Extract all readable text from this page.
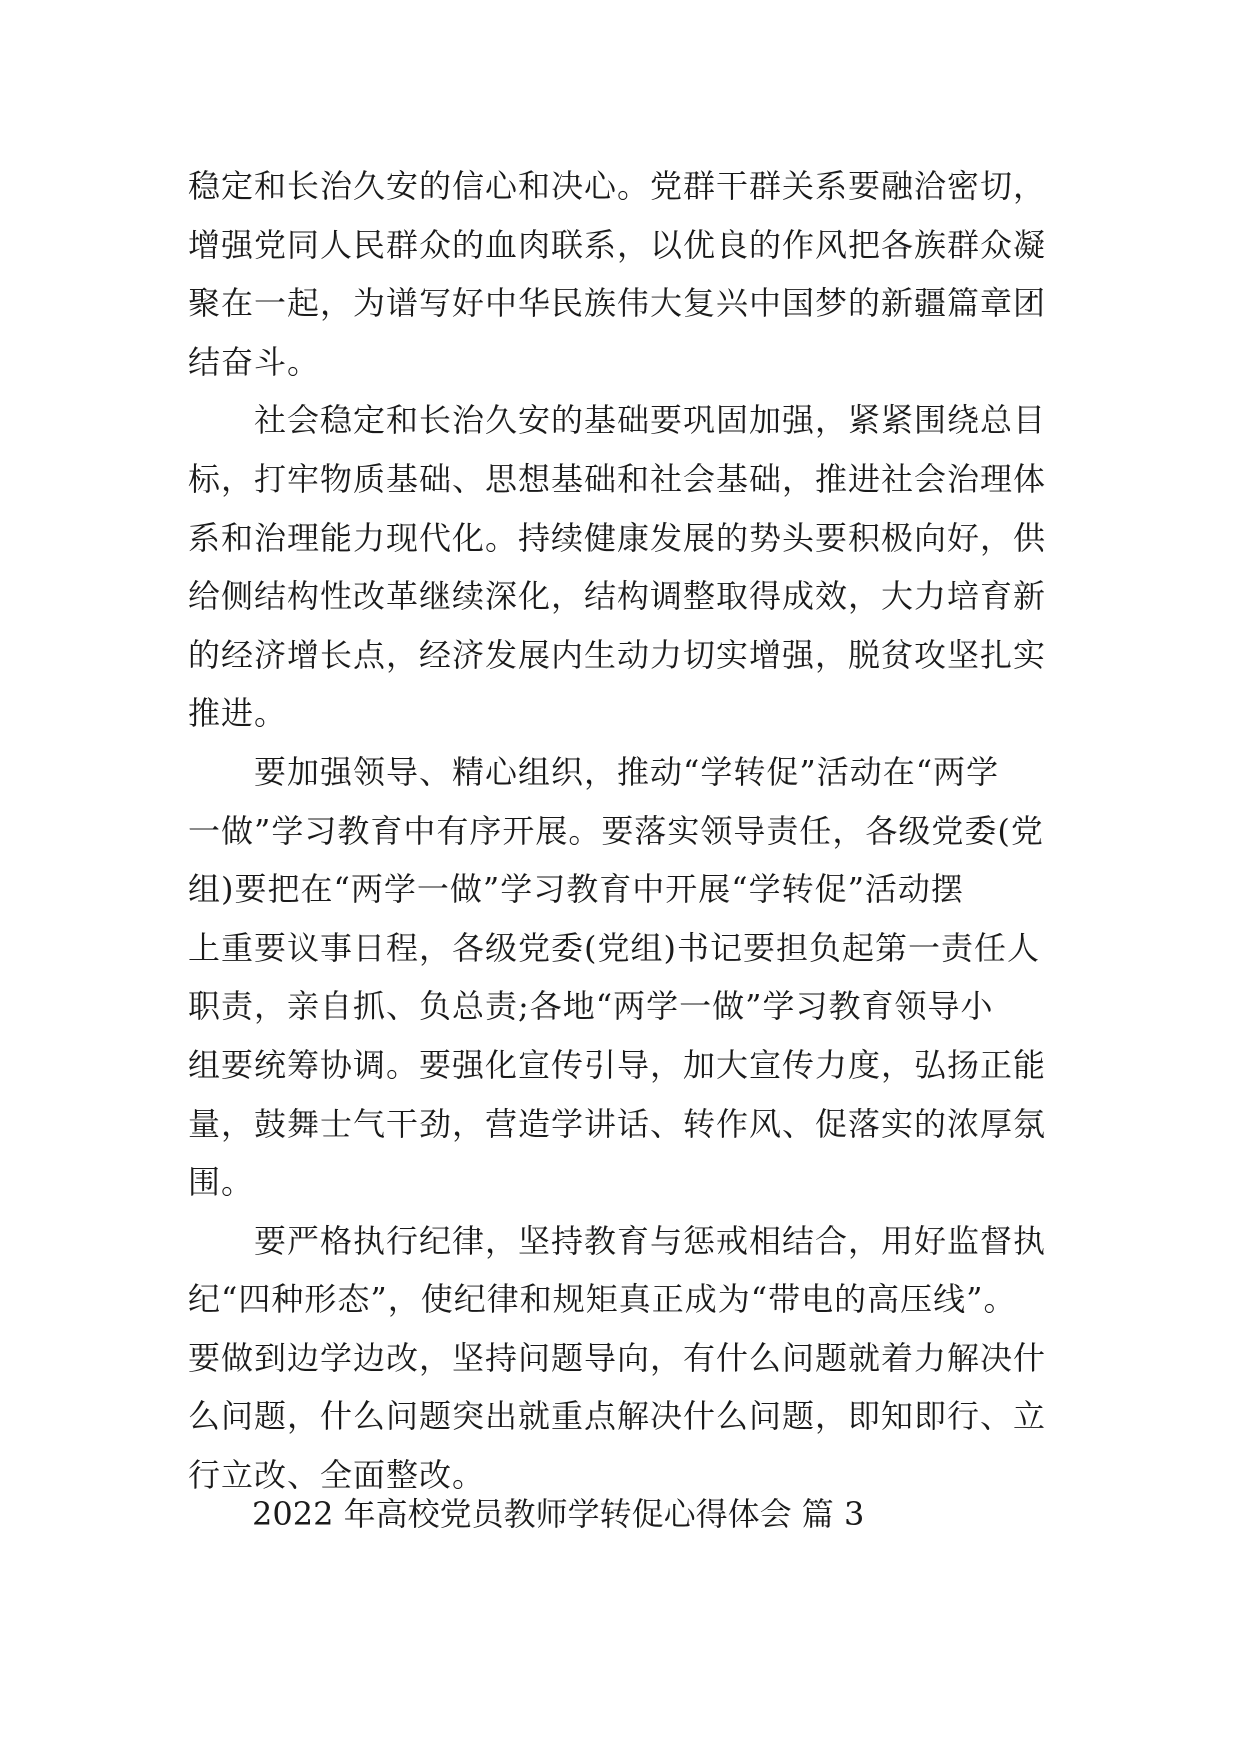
稳定和长治久安的信心和决心。党群干群关系要融洽密切，
增强党同人民群众的血肉联系，以优良的作风把各族群众凝
聚在一起，为谱写好中华民族伟大复兴中国梦的新疆篇章团
结奋斗。
　　社会稳定和长治久安的基础要巩固加强，紧紧围绕总目
标，打牢物质基础、思想基础和社会基础，推进社会治理体
系和治理能力现代化。持续健康发展的势头要积极向好，供
给侧结构性改革继续深化，结构调整取得成效，大力培育新
的经济增长点，经济发展内生动力切实增强，脱贫攻坚扎实
推进。
　　要加强领导、精心组织，推动“学转促”活动在“两学
一做”学习教育中有序开展。要落实领导责任，各级党委(党
组)要把在“两学一做”学习教育中开展“学转促”活动摆
上重要议事日程，各级党委(党组)书记要担负起第一责任人
职责，亲自抓、负总责;各地“两学一做”学习教育领导小
组要统筹协调。要强化宣传引导，加大宣传力度，弘扬正能
量，鼓舞士气干劲，营造学讲话、转作风、促落实的浓厚氛
围。
　　要严格执行纪律，坚持教育与惩戒相结合，用好监督执
纪“四种形态”，使纪律和规矩真正成为“带电的高压线”。
要做到边学边改，坚持问题导向，有什么问题就着力解决什
么问题，什么问题突出就重点解决什么问题，即知即行、立
行立改、全面整改。
2022 年高校党员教师学转促心得体会 篇 3
